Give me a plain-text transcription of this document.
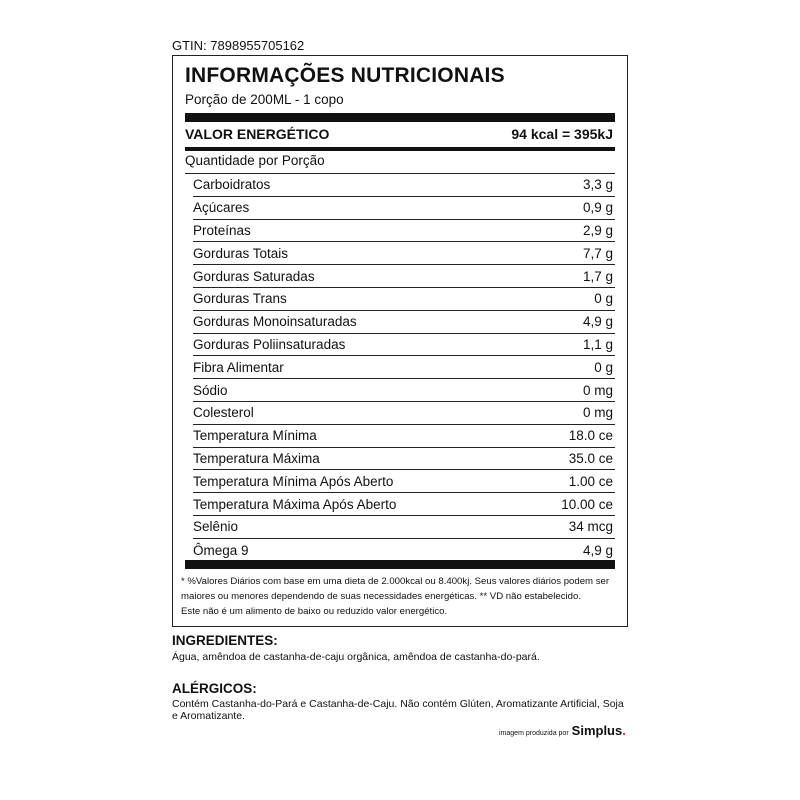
GTIN: 7898955705162
INFORMAÇÕES NUTRICIONAIS
Porção de 200ML - 1 copo
VALOR ENERGÉTICO	94 kcal = 395kJ
Quantidade por Porção
Carboidratos	3,3 g
Açúcares	0,9 g
Proteínas	2,9 g
Gorduras Totais	7,7 g
Gorduras Saturadas	1,7 g
Gorduras Trans	0 g
Gorduras Monoinsaturadas	4,9 g
Gorduras Poliinsaturadas	1,1 g
Fibra Alimentar	0 g
Sódio	0 mg
Colesterol	0 mg
Temperatura Mínima	18.0 ce
Temperatura Máxima	35.0 ce
Temperatura Mínima Após Aberto	1.00 ce
Temperatura Máxima Após Aberto	10.00 ce
Selênio	34 mcg
Ômega 9	4,9 g
* %Valores Diários com base em uma dieta de 2.000kcal ou 8.400kj. Seus valores diários podem ser maiores ou menores dependendo de suas necessidades energéticas. ** VD não estabelecido.
Este não é um alimento de baixo ou reduzido valor energético.
INGREDIENTES:
Água, amêndoa de castanha-de-caju orgânica, amêndoa de castanha-do-pará.
ALÉRGICOS:
Contém Castanha-do-Pará e Castanha-de-Caju. Não contém Glúten, Aromatizante Artificial, Soja e Aromatizante.
imagem produzida por Simplus.
